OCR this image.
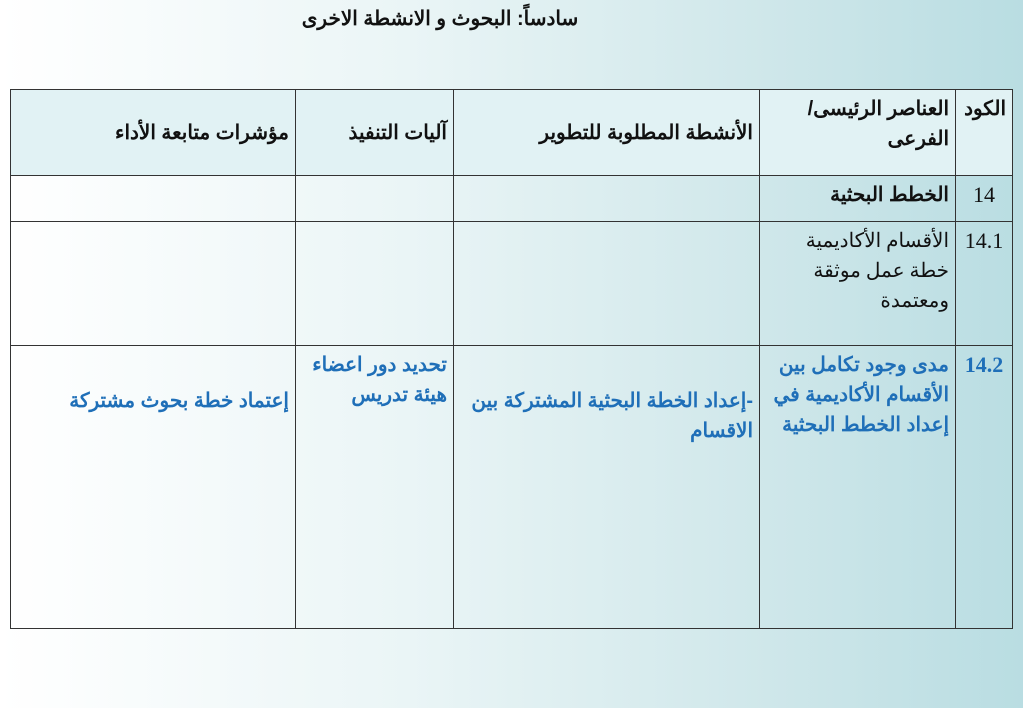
سادساً: البحوث و الانشطة الاخرى
الكود	العناصر الرئيسى/ الفرعى	الأنشطة المطلوبة للتطوير	آليات التنفيذ	مؤشرات متابعة الأداء
14	الخطط البحثية			
14.1	الأقسام الأكاديمية خطة عمل موثقة ومعتمدة			
14.2	مدى وجود تكامل بين الأقسام الأكاديمية في إعداد الخطط البحثية	-إعداد الخطة البحثية المشتركة بين الاقسام	تحديد دور اعضاء هيئة تدريس	إعتماد خطة بحوث مشتركة
